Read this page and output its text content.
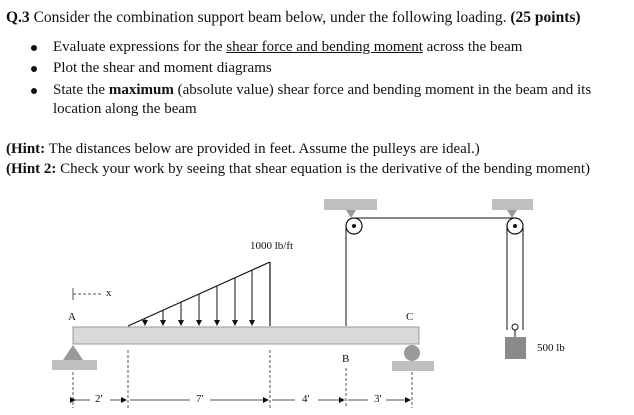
Q.3 Consider the combination support beam below, under the following loading. (25 points)
Evaluate expressions for the shear force and bending moment across the beam
Plot the shear and moment diagrams
State the maximum (absolute value) shear force and bending moment in the beam and its
location along the beam
(Hint: The distances below are provided in feet. Assume the pulleys are ideal.)
(Hint 2: Check your work by seeing that shear equation is the derivative of the bending moment)
1000 lb/ft
x
A
B
C
500 lb
2'	7'	4'	3'
